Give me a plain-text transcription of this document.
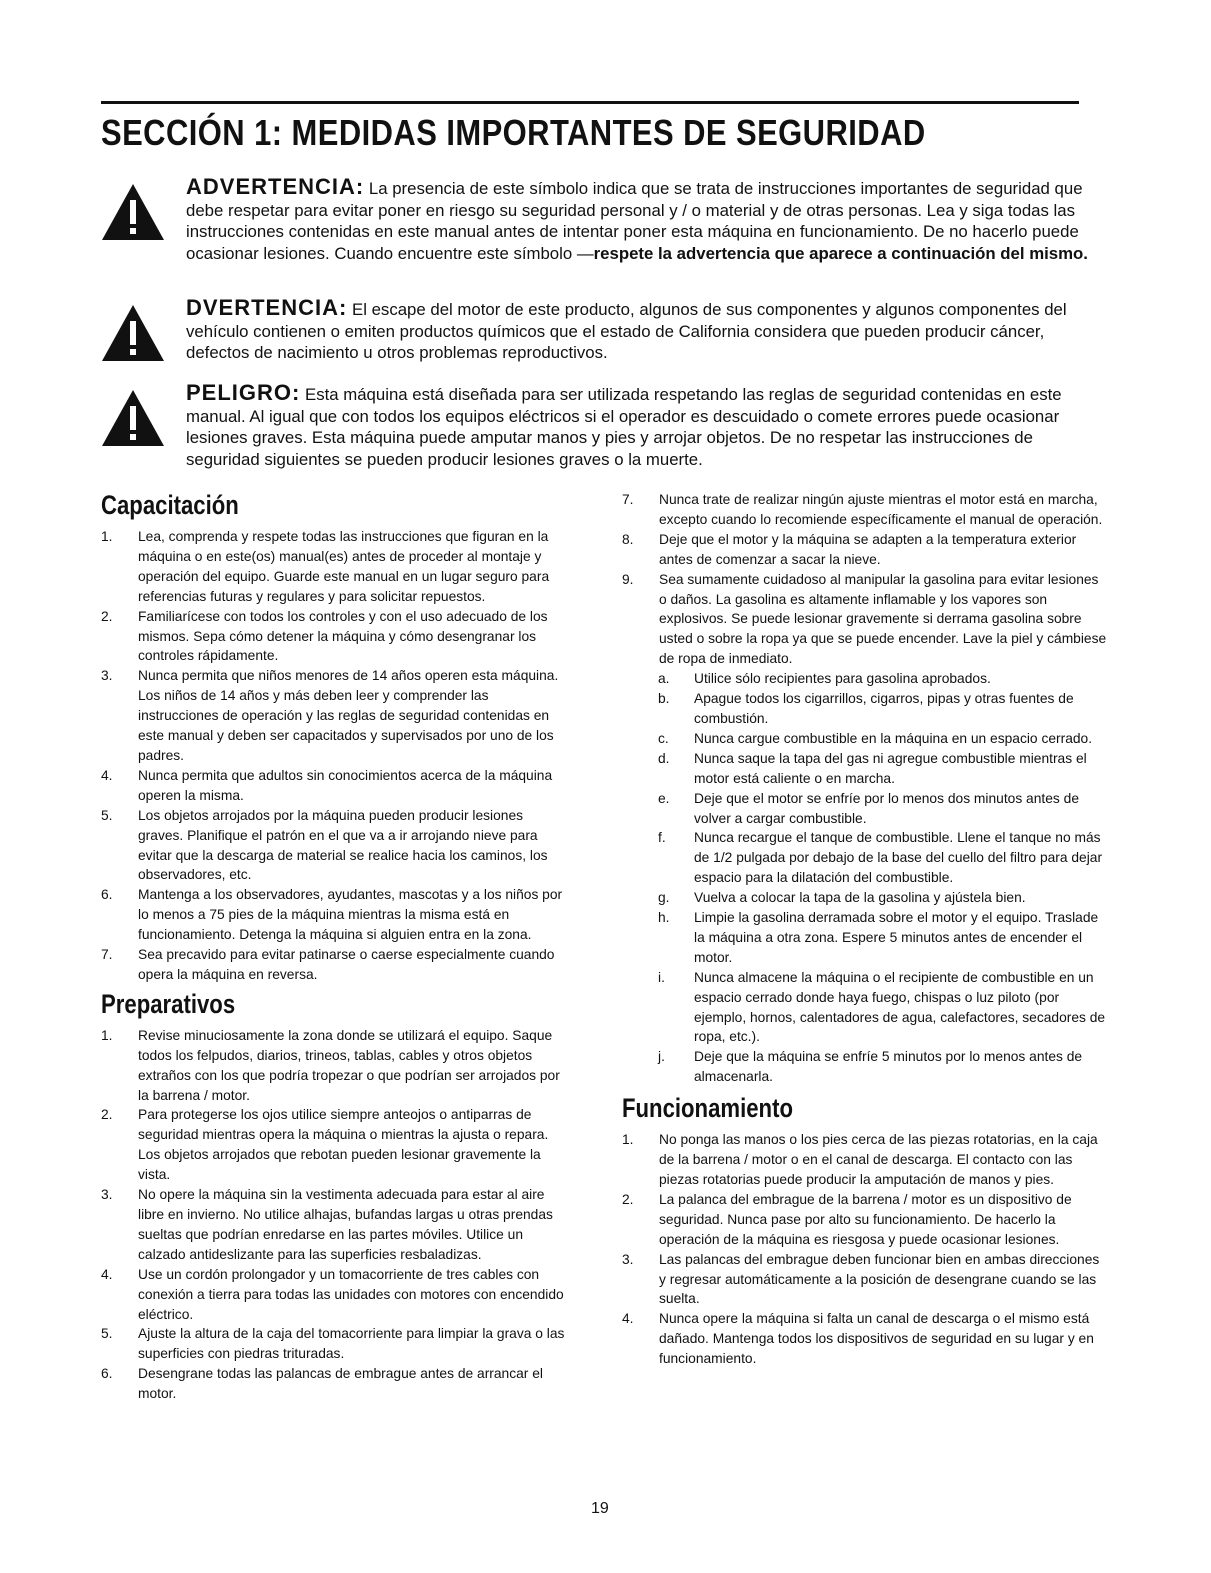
SECCIÓN 1: MEDIDAS IMPORTANTES DE SEGURIDAD
ADVERTENCIA: La presencia de este símbolo indica que se trata de instrucciones importantes de seguridad que debe respetar para evitar poner en riesgo su seguridad personal y / o material y de otras personas. Lea y siga todas las instrucciones contenidas en este manual antes de intentar poner esta máquina en funcionamiento. De no hacerlo puede ocasionar lesiones. Cuando encuentre este símbolo —respete la advertencia que aparece a continuación del mismo.
DVERTENCIA: El escape del motor de este producto, algunos de sus componentes y algunos componentes del vehículo contienen o emiten productos químicos que el estado de California considera que pueden producir cáncer, defectos de nacimiento u otros problemas reproductivos.
PELIGRO: Esta máquina está diseñada para ser utilizada respetando las reglas de seguridad contenidas en este manual. Al igual que con todos los equipos eléctricos si el operador es descuidado o comete errores puede ocasionar lesiones graves. Esta máquina puede amputar manos y pies y arrojar objetos. De no respetar las instrucciones de seguridad siguientes se pueden producir lesiones graves o la muerte.
Capacitación
1. Lea, comprenda y respete todas las instrucciones que figuran en la máquina o en este(os) manual(es) antes de proceder al montaje y operación del equipo. Guarde este manual en un lugar seguro para referencias futuras y regulares y para solicitar repuestos.
2. Familiarícese con todos los controles y con el uso adecuado de los mismos. Sepa cómo detener la máquina y cómo desengranar los controles rápidamente.
3. Nunca permita que niños menores de 14 años operen esta máquina. Los niños de 14 años y más deben leer y comprender las instrucciones de operación y las reglas de seguridad contenidas en este manual y deben ser capacitados y supervisados por uno de los padres.
4. Nunca permita que adultos sin conocimientos acerca de la máquina operen la misma.
5. Los objetos arrojados por la máquina pueden producir lesiones graves. Planifique el patrón en el que va a ir arrojando nieve para evitar que la descarga de material se realice hacia los caminos, los observadores, etc.
6. Mantenga a los observadores, ayudantes, mascotas y a los niños por lo menos a 75 pies de la máquina mientras la misma está en funcionamiento. Detenga la máquina si alguien entra en la zona.
7. Sea precavido para evitar patinarse o caerse especialmente cuando opera la máquina en reversa.
Preparativos
1. Revise minuciosamente la zona donde se utilizará el equipo. Saque todos los felpudos, diarios, trineos, tablas, cables y otros objetos extraños con los que podría tropezar o que podrían ser arrojados por la barrena / motor.
2. Para protegerse los ojos utilice siempre anteojos o antiparras de seguridad mientras opera la máquina o mientras la ajusta o repara. Los objetos arrojados que rebotan pueden lesionar gravemente la vista.
3. No opere la máquina sin la vestimenta adecuada para estar al aire libre en invierno. No utilice alhajas, bufandas largas u otras prendas sueltas que podrían enredarse en las partes móviles. Utilice un calzado antideslizante para las superficies resbaladizas.
4. Use un cordón prolongador y un tomacorriente de tres cables con conexión a tierra para todas las unidades con motores con encendido eléctrico.
5. Ajuste la altura de la caja del tomacorriente para limpiar la grava o las superficies con piedras trituradas.
6. Desengrane todas las palancas de embrague antes de arrancar el motor.
7. Nunca trate de realizar ningún ajuste mientras el motor está en marcha, excepto cuando lo recomiende específicamente el manual de operación.
8. Deje que el motor y la máquina se adapten a la temperatura exterior antes de comenzar a sacar la nieve.
9. Sea sumamente cuidadoso al manipular la gasolina para evitar lesiones o daños. La gasolina es altamente inflamable y los vapores son explosivos. Se puede lesionar gravemente si derrama gasolina sobre usted o sobre la ropa ya que se puede encender. Lave la piel y cámbiese de ropa de inmediato.
a. Utilice sólo recipientes para gasolina aprobados.
b. Apague todos los cigarrillos, cigarros, pipas y otras fuentes de combustión.
c. Nunca cargue combustible en la máquina en un espacio cerrado.
d. Nunca saque la tapa del gas ni agregue combustible mientras el motor está caliente o en marcha.
e. Deje que el motor se enfríe por lo menos dos minutos antes de volver a cargar combustible.
f. Nunca recargue el tanque de combustible. Llene el tanque no más de 1/2 pulgada por debajo de la base del cuello del filtro para dejar espacio para la dilatación del combustible.
g. Vuelva a colocar la tapa de la gasolina y ajústela bien.
h. Limpie la gasolina derramada sobre el motor y el equipo. Traslade la máquina a otra zona. Espere 5 minutos antes de encender el motor.
i. Nunca almacene la máquina o el recipiente de combustible en un espacio cerrado donde haya fuego, chispas o luz piloto (por ejemplo, hornos, calentadores de agua, calefactores, secadores de ropa, etc.).
j. Deje que la máquina se enfríe 5 minutos por lo menos antes de almacenarla.
Funcionamiento
1. No ponga las manos o los pies cerca de las piezas rotatorias, en la caja de la barrena / motor o en el canal de descarga. El contacto con las piezas rotatorias puede producir la amputación de manos y pies.
2. La palanca del embrague de la barrena / motor es un dispositivo de seguridad. Nunca pase por alto su funcionamiento. De hacerlo la operación de la máquina es riesgosa y puede ocasionar lesiones.
3. Las palancas del embrague deben funcionar bien en ambas direcciones y regresar automáticamente a la posición de desengrane cuando se las suelta.
4. Nunca opere la máquina si falta un canal de descarga o el mismo está dañado. Mantenga todos los dispositivos de seguridad en su lugar y en funcionamiento.
19
